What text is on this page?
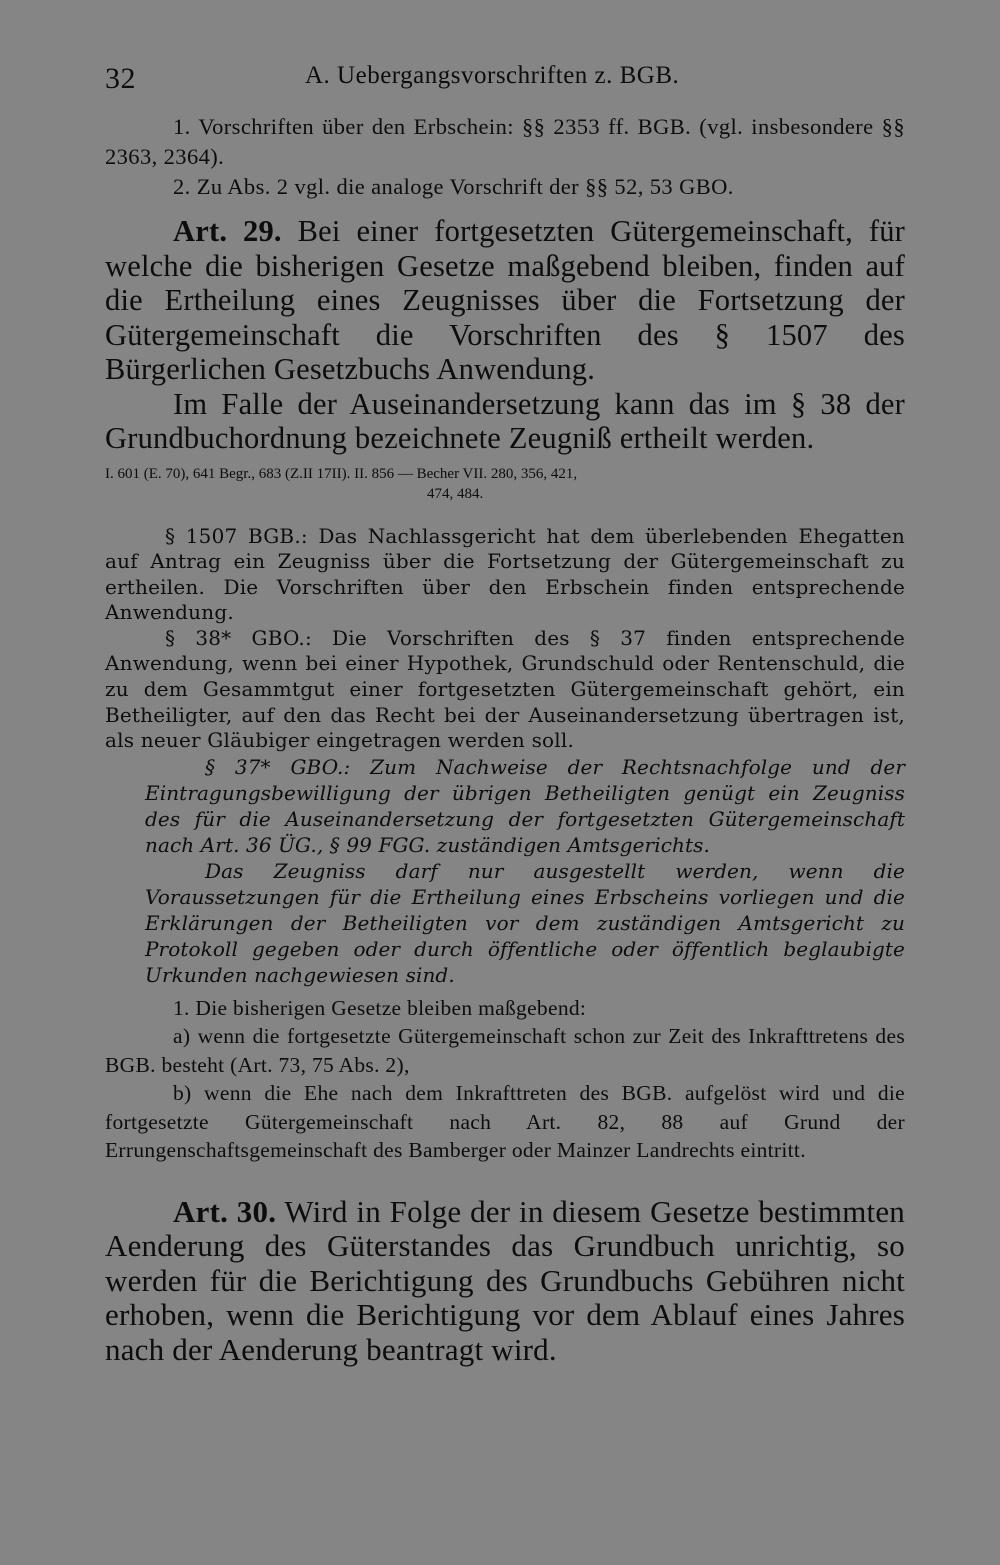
32	A. Uebergangsvorschriften z. BGB.

1. Vorschriften über den Erbschein: §§ 2353 ff. BGB. (vgl. insbesondere §§ 2363, 2364).

2. Zu Abs. 2 vgl. die analoge Vorschrift der §§ 52, 53 GBO.

Art. 29. Bei einer fortgesetzten Gütergemeinschaft, für welche die bisherigen Gesetze maßgebend bleiben, finden auf die Ertheilung eines Zeugnisses über die Fortsetzung der Gütergemeinschaft die Vorschriften des § 1507 des Bürgerlichen Gesetzbuchs Anwendung.

Im Falle der Auseinandersetzung kann das im § 38 der Grundbuchordnung bezeichnete Zeugniß ertheilt werden.

I. 601 (E. 70), 641 Begr., 683 (Z.II 17II). II. 856 — Becher VII. 280, 356, 421,
474, 484.

§ 1507 BGB.: Das Nachlassgericht hat dem überlebenden Ehegatten auf Antrag ein Zeugniss über die Fortsetzung der Gütergemeinschaft zu ertheilen. Die Vorschriften über den Erbschein finden entsprechende Anwendung.

§ 38* GBO.: Die Vorschriften des § 37 finden entsprechende Anwendung, wenn bei einer Hypothek, Grundschuld oder Rentenschuld, die zu dem Gesammtgut einer fortgesetzten Gütergemeinschaft gehört, ein Betheiligter, auf den das Recht bei der Auseinandersetzung übertragen ist, als neuer Gläubiger eingetragen werden soll.

§ 37* GBO.: Zum Nachweise der Rechtsnachfolge und der Eintragungsbewilligung der übrigen Betheiligten genügt ein Zeugniss des für die Auseinandersetzung der fortgesetzten Gütergemeinschaft nach Art. 36 ÜG., § 99 FGG. zuständigen Amtsgerichts.

Das Zeugniss darf nur ausgestellt werden, wenn die Voraussetzungen für die Ertheilung eines Erbscheins vorliegen und die Erklärungen der Betheiligten vor dem zuständigen Amtsgericht zu Protokoll gegeben oder durch öffentliche oder öffentlich beglaubigte Urkunden nachgewiesen sind.

1. Die bisherigen Gesetze bleiben maßgebend:

a) wenn die fortgesetzte Gütergemeinschaft schon zur Zeit des Inkrafttretens des BGB. besteht (Art. 73, 75 Abs. 2),

b) wenn die Ehe nach dem Inkrafttreten des BGB. aufgelöst wird und die fortgesetzte Gütergemeinschaft nach Art. 82, 88 auf Grund der Errungenschaftsgemeinschaft des Bamberger oder Mainzer Landrechts eintritt.

Art. 30. Wird in Folge der in diesem Gesetze bestimmten Aenderung des Güterstandes das Grundbuch unrichtig, so werden für die Berichtigung des Grundbuchs Gebühren nicht erhoben, wenn die Berichtigung vor dem Ablauf eines Jahres nach der Aenderung beantragt wird.
